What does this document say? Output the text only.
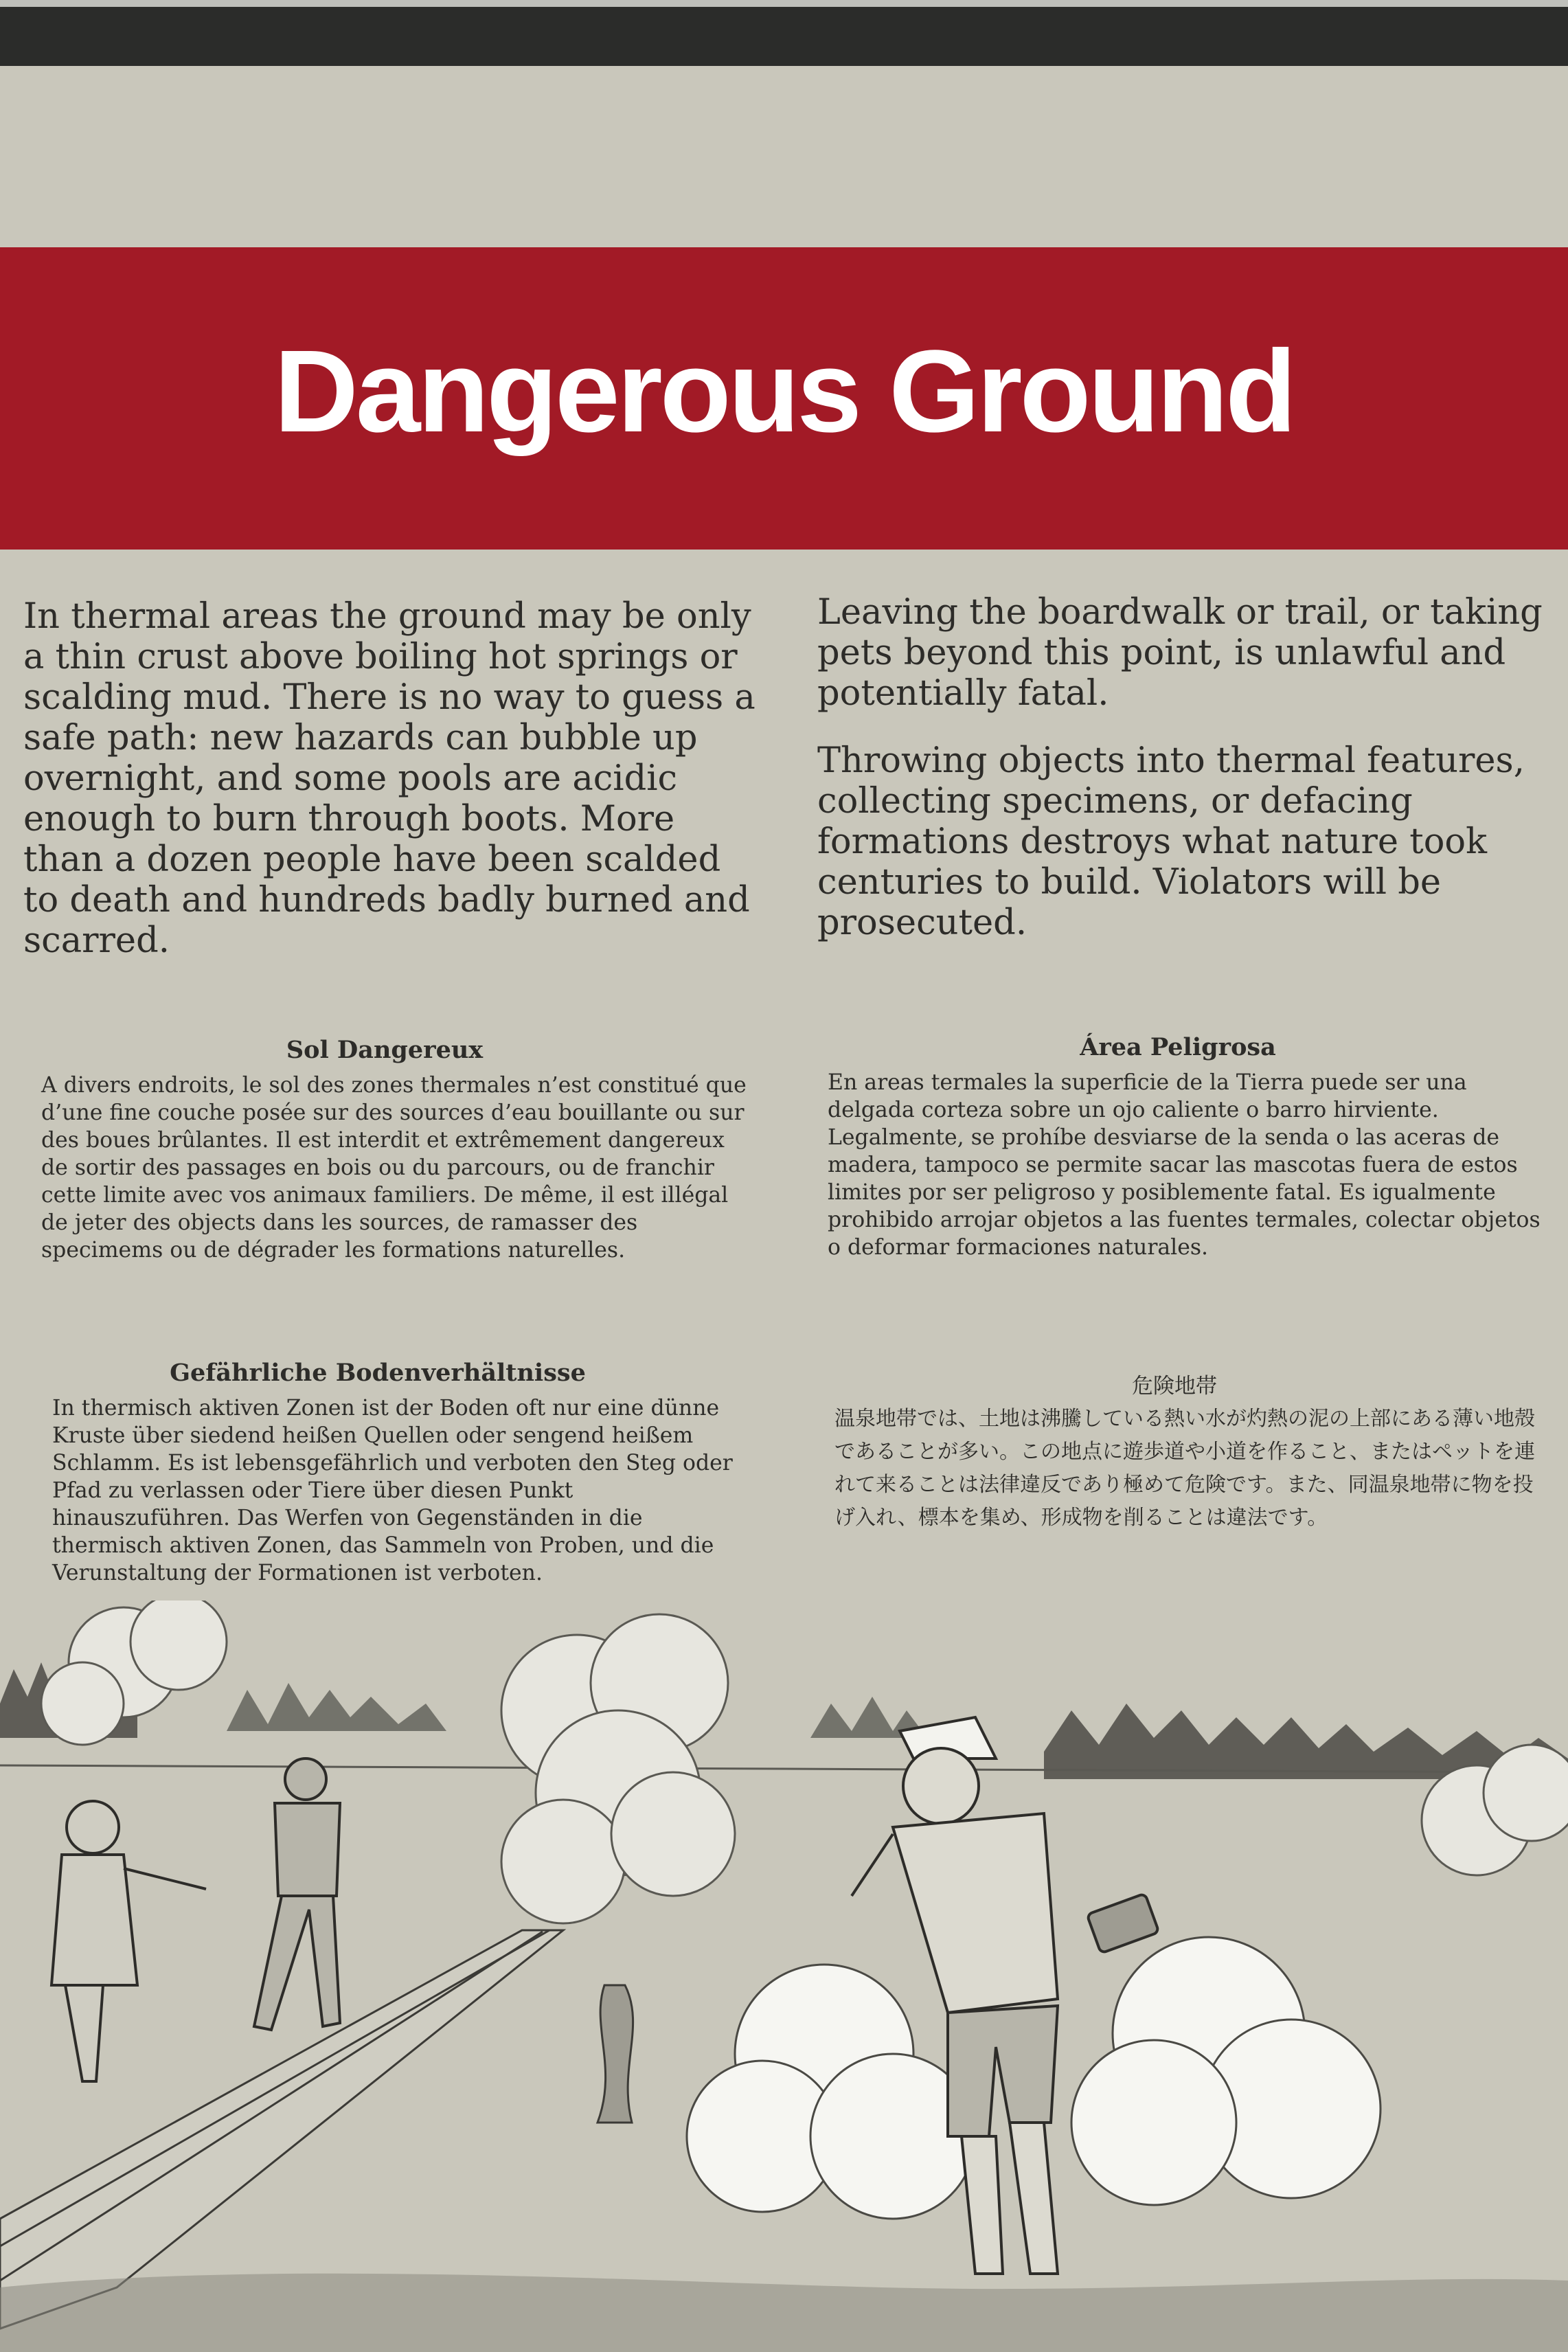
Dangerous Ground
In thermal areas the ground may be only a thin crust above boiling hot springs or scalding mud. There is no way to guess a safe path: new hazards can bubble up overnight, and some pools are acidic enough to burn through boots. More than a dozen people have been scalded to death and hundreds badly burned and scarred.
Leaving the boardwalk or trail, or taking pets beyond this point, is unlawful and potentially fatal.
Throwing objects into thermal features, collecting specimens, or defacing formations destroys what nature took centuries to build. Violators will be prosecuted.
Sol Dangereux
A divers endroits, le sol des zones thermales n’est constitué que d’une fine couche posée sur des sources d’eau bouillante ou sur des boues brûlantes. Il est interdit et extrêmement dangereux de sortir des passages en bois ou du parcours, ou de franchir cette limite avec vos animaux familiers. De même, il est illégal de jeter des objects dans les sources, de ramasser des specimems ou de dégrader les formations naturelles.
Área Peligrosa
En areas termales la superficie de la Tierra puede ser una delgada corteza sobre un ojo caliente o barro hirviente. Legalmente, se prohíbe desviarse de la senda o las aceras de madera, tampoco se permite sacar las mascotas fuera de estos limites por ser peligroso y posiblemente fatal. Es igualmente prohibido arrojar objetos a las fuentes termales, colectar objetos o deformar formaciones naturales.
Gefährliche Bodenverhältnisse
In thermisch aktiven Zonen ist der Boden oft nur eine dünne Kruste über siedend heißen Quellen oder sengend heißem Schlamm. Es ist lebensgefährlich und verboten den Steg oder Pfad zu verlassen oder Tiere über diesen Punkt hinauszuführen. Das Werfen von Gegenständen in die thermisch aktiven Zonen, das Sammeln von Proben, und die Verunstaltung der Formationen ist verboten.
危険地帯
温泉地帯では、土地は沸騰している熱い水が灼熱の泥の上部にある薄い地殻であることが多い。この地点に遊歩道や小道を作ること、またはペットを連れて来ることは法律違反であり極めて危険です。また、同温泉地帯に物を投げ入れ、標本を集め、形成物を削ることは違法です。
